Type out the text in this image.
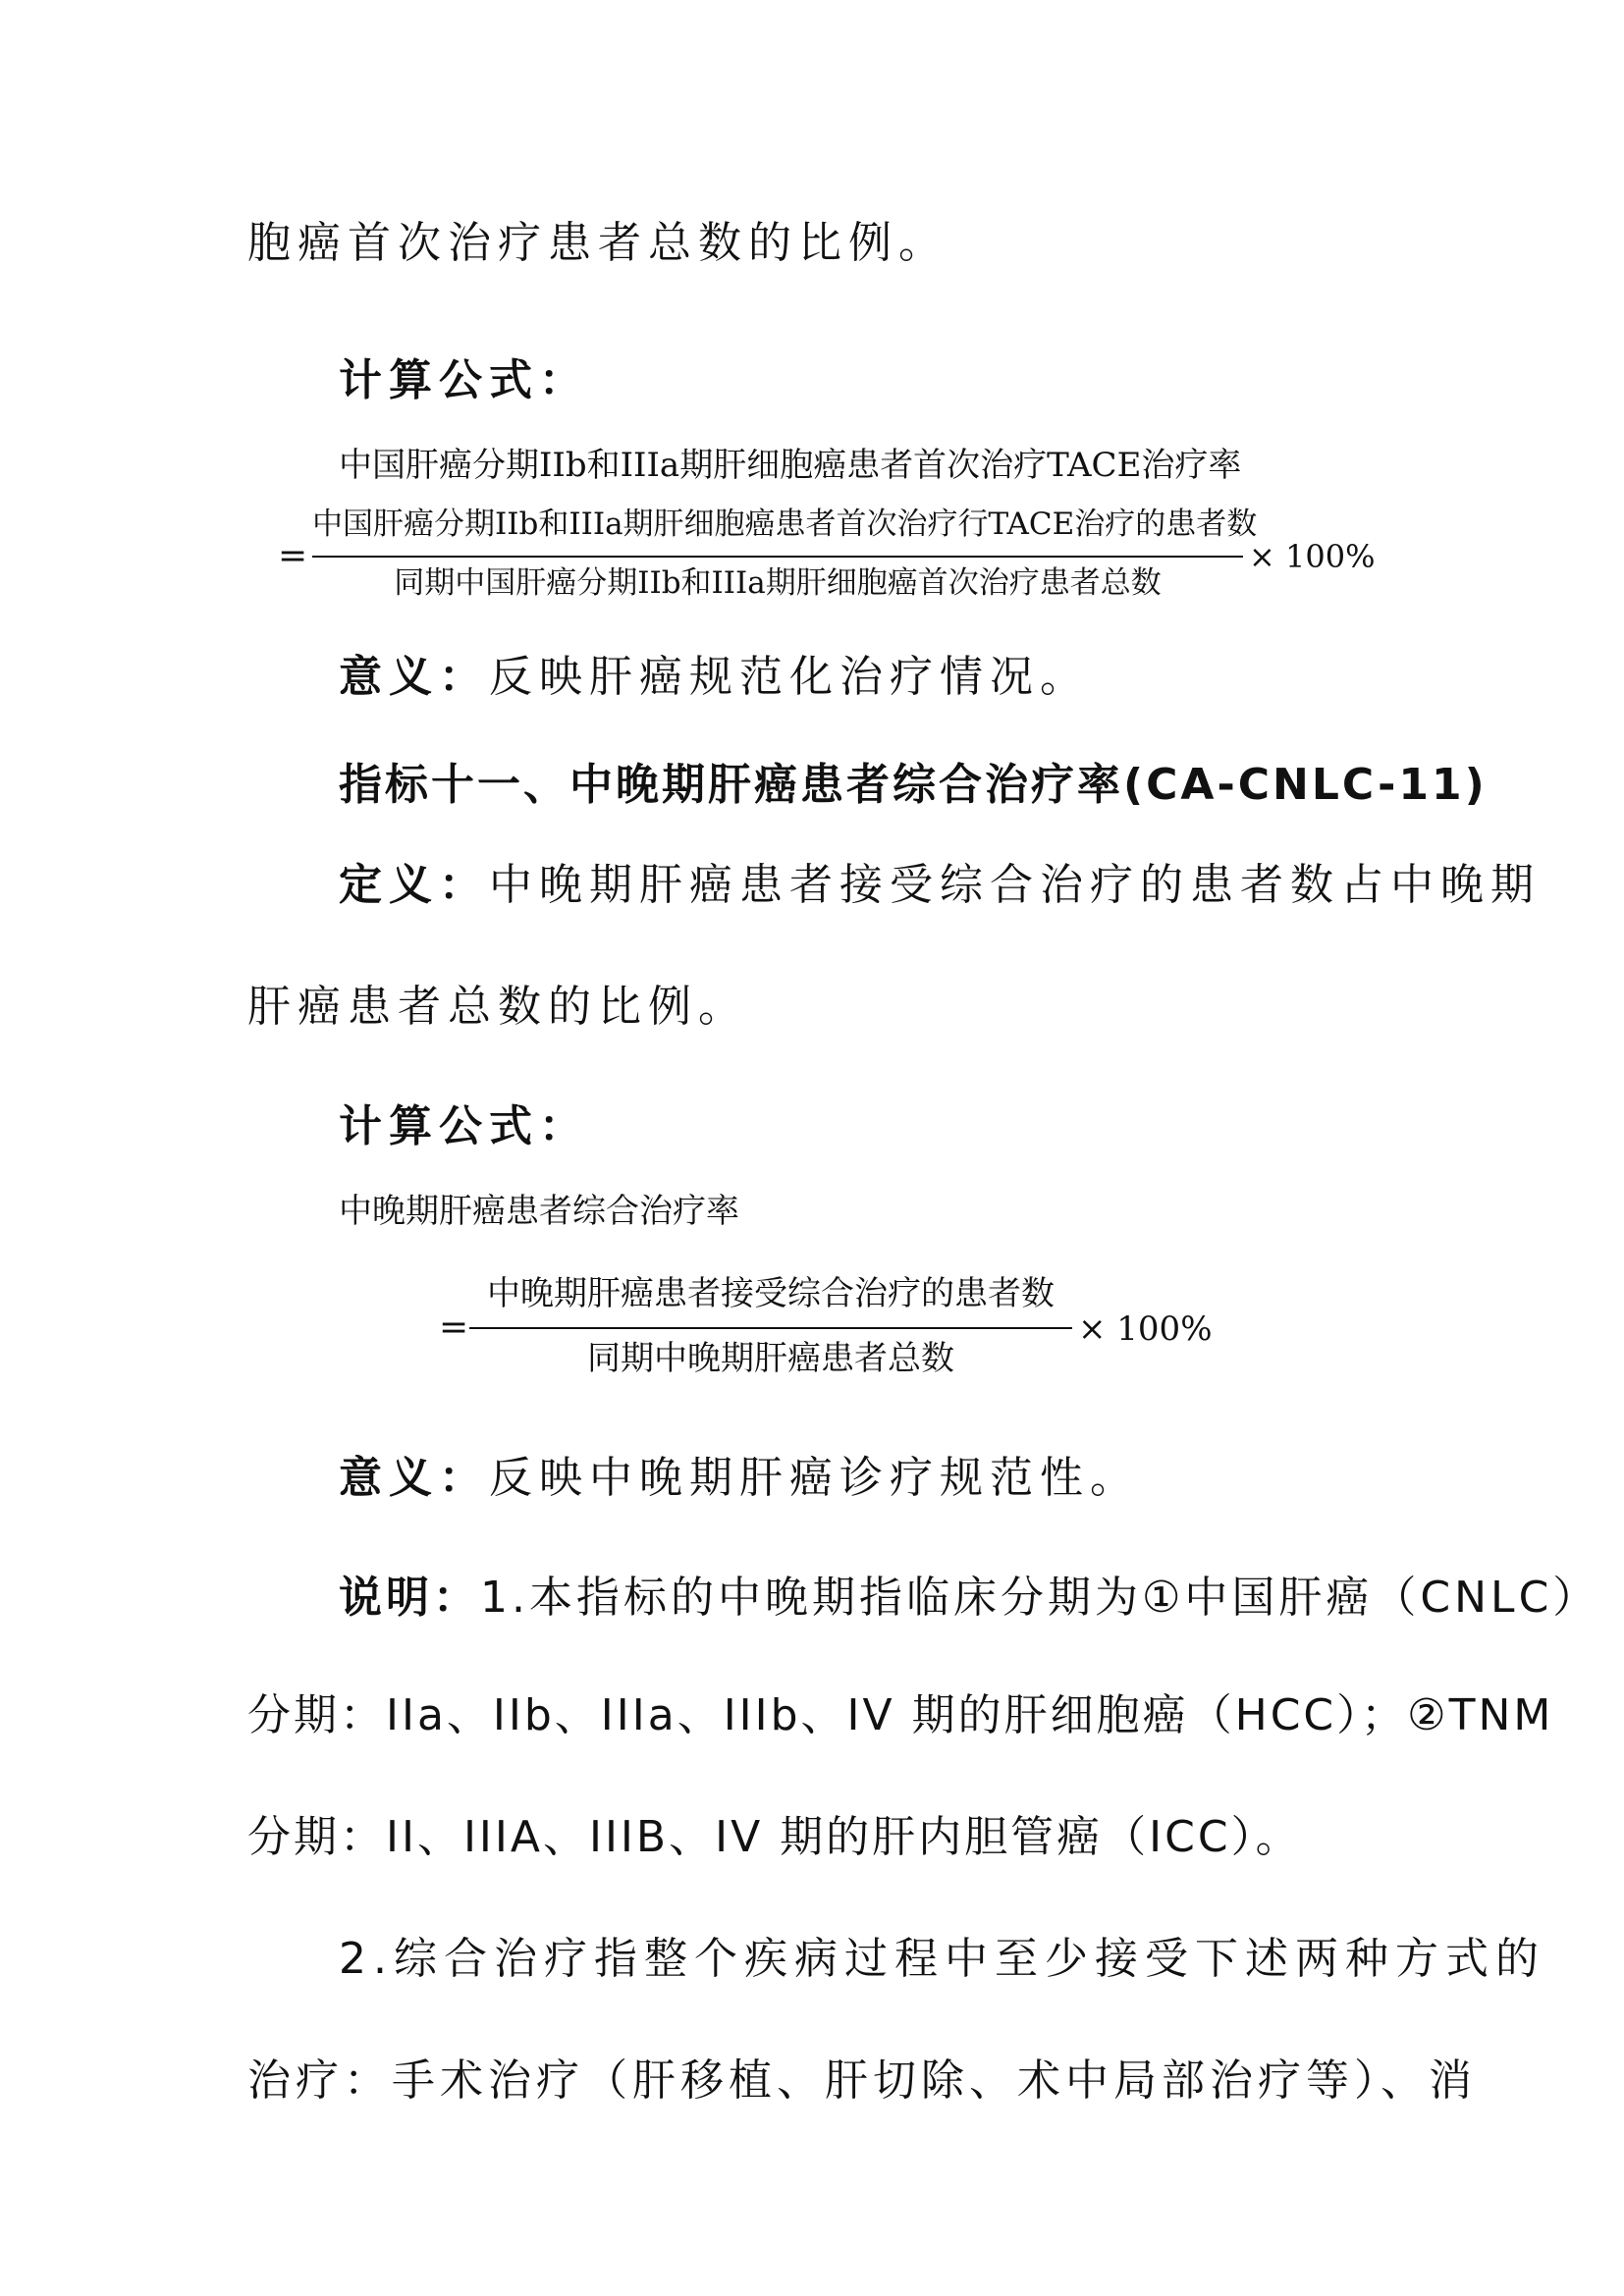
胞癌首次治疗患者总数的比例。
计算公式：
中国肝癌分期IIb和IIIa期肝细胞癌患者首次治疗TACE治疗率
=
中国肝癌分期IIb和IIIa期肝细胞癌患者首次治疗行TACE治疗的患者数
同期中国肝癌分期IIb和IIIa期肝细胞癌首次治疗患者总数
× 100%
意义：反映肝癌规范化治疗情况。
指标十一、中晚期肝癌患者综合治疗率(CA-CNLC-11)
定义：中晚期肝癌患者接受综合治疗的患者数占中晚期
肝癌患者总数的比例。
计算公式：
中晚期肝癌患者综合治疗率
=
中晚期肝癌患者接受综合治疗的患者数
同期中晚期肝癌患者总数
× 100%
意义：反映中晚期肝癌诊疗规范性。
说明：1.本指标的中晚期指临床分期为①中国肝癌（CNLC）
分期：IIa、IIb、IIIa、IIIb、IV 期的肝细胞癌（HCC）；②TNM
分期：II、IIIA、IIIB、IV 期的肝内胆管癌（ICC）。
2.综合治疗指整个疾病过程中至少接受下述两种方式的
治疗：手术治疗（肝移植、肝切除、术中局部治疗等）、消
